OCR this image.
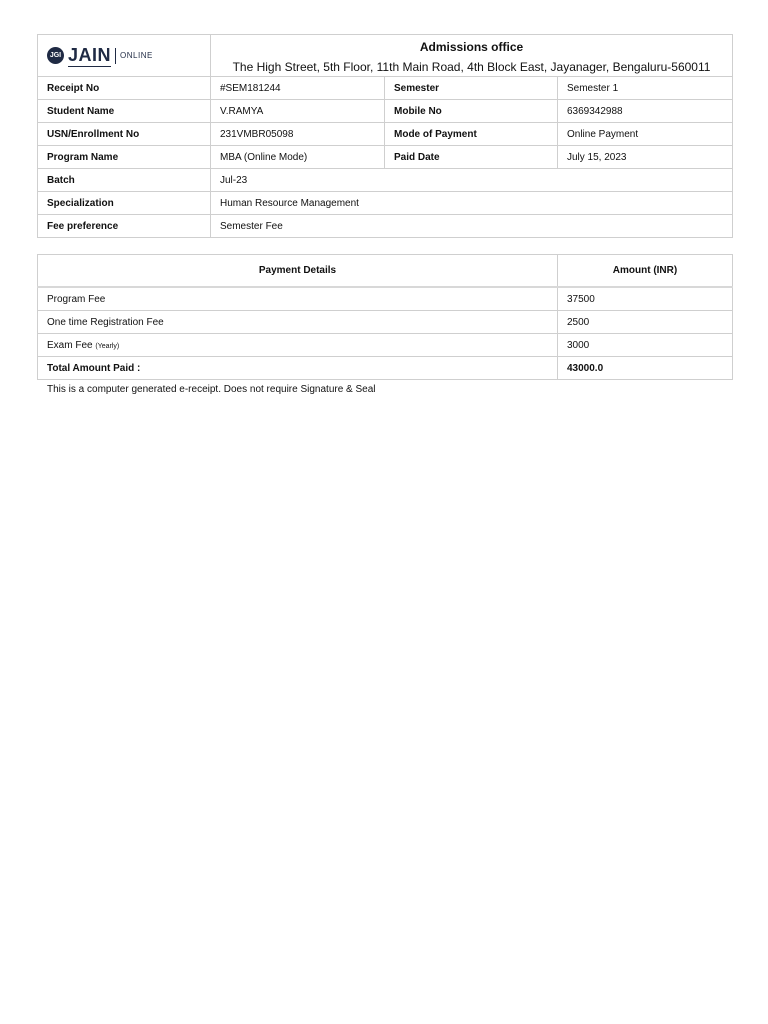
JGI JAIN ONLINE	Admissions office
The High Street, 5th Floor, 11th Main Road, 4th Block East, Jayanager, Bengaluru-560011		

Receipt No	#SEM181244	Semester	Semester 1
Student Name	V.RAMYA	Mobile No	6369342988
USN/Enrollment No	231VMBR05098	Mode of Payment	Online Payment
Program Name	MBA (Online Mode)	Paid Date	July 15, 2023
Batch	Jul-23		
Specialization	Human Resource Management		
Fee preference	Semester Fee		
Payment Details	Amount (INR)
Program Fee	37500
One time Registration Fee	2500
Exam Fee (Yearly)	3000
Total Amount Paid :	43000.0
This is a computer generated e-receipt. Does not require Signature & Seal
